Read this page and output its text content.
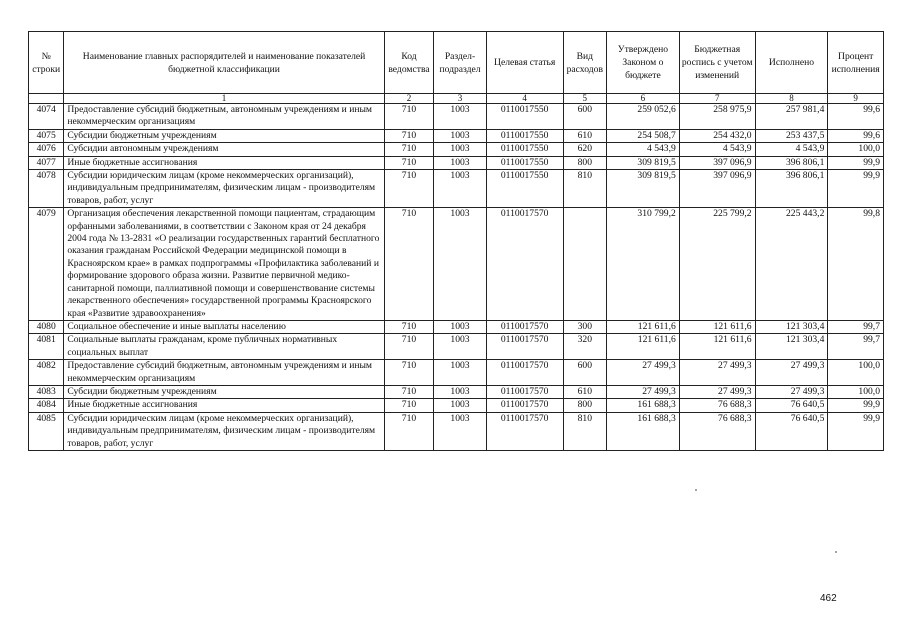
№ строки	Наименование главных распорядителей и наименование показателей бюджетной классификации	Код ведомства	Раздел-подраздел	Целевая статья	Вид расходов	Утверждено Законом о бюджете	Бюджетная роспись с учетом изменений	Исполнено	Процент исполнения
	1	2	3	4	5	6	7	8	9
4074	Предоставление субсидий бюджетным, автономным учреждениям и иным некоммерческим организациям	710	1003	0110017550	600	259 052,6	258 975,9	257 981,4	99,6
4075	Субсидии бюджетным учреждениям	710	1003	0110017550	610	254 508,7	254 432,0	253 437,5	99,6
4076	Субсидии автономным учреждениям	710	1003	0110017550	620	4 543,9	4 543,9	4 543,9	100,0
4077	Иные бюджетные ассигнования	710	1003	0110017550	800	309 819,5	397 096,9	396 806,1	99,9
4078	Субсидии юридическим лицам (кроме некоммерческих организаций), индивидуальным предпринимателям, физическим лицам - производителям товаров, работ, услуг	710	1003	0110017550	810	309 819,5	397 096,9	396 806,1	99,9
4079	Организация обеспечения лекарственной помощи пациентам, страдающим орфанными заболеваниями, в соответствии с Законом края от 24 декабря 2004 года № 13-2831 «О реализации государственных гарантий бесплатного оказания гражданам Российской Федерации медицинской помощи в Красноярском крае» в рамках подпрограммы «Профилактика заболеваний и формирование здорового образа жизни. Развитие первичной медико-санитарной помощи, паллиативной помощи и совершенствование системы лекарственного обеспечения» государственной программы Красноярского края «Развитие здравоохранения»	710	1003	0110017570		310 799,2	225 799,2	225 443,2	99,8
4080	Социальное обеспечение и иные выплаты населению	710	1003	0110017570	300	121 611,6	121 611,6	121 303,4	99,7
4081	Социальные выплаты гражданам, кроме публичных нормативных социальных выплат	710	1003	0110017570	320	121 611,6	121 611,6	121 303,4	99,7
4082	Предоставление субсидий бюджетным, автономным учреждениям и иным некоммерческим организациям	710	1003	0110017570	600	27 499,3	27 499,3	27 499,3	100,0
4083	Субсидии бюджетным учреждениям	710	1003	0110017570	610	27 499,3	27 499,3	27 499,3	100,0
4084	Иные бюджетные ассигнования	710	1003	0110017570	800	161 688,3	76 688,3	76 640,5	99,9
4085	Субсидии юридическим лицам (кроме некоммерческих организаций), индивидуальным предпринимателям, физическим лицам - производителям товаров, работ, услуг	710	1003	0110017570	810	161 688,3	76 688,3	76 640,5	99,9
462
